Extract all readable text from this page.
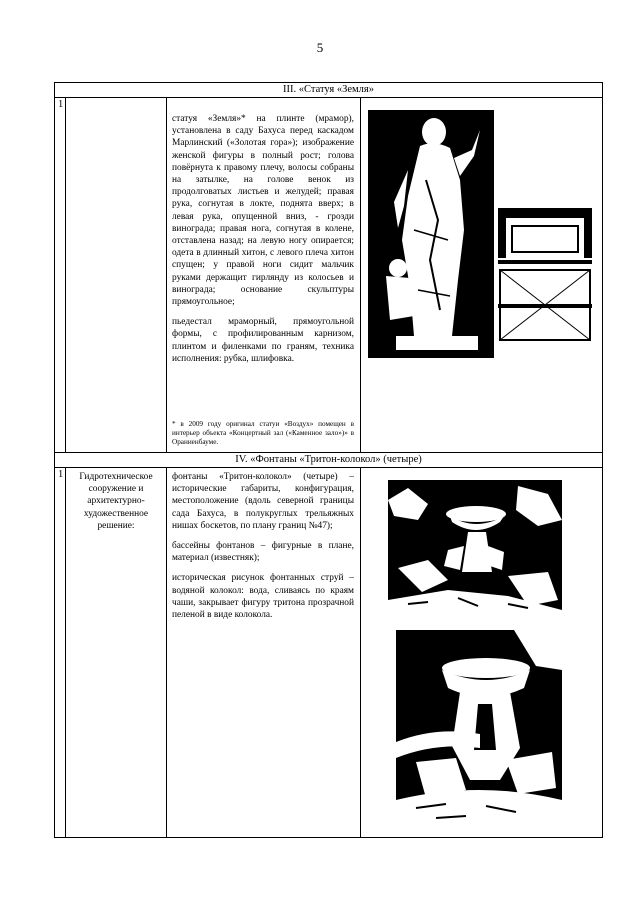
5
III. «Статуя «Земля»
1

статуя «Земля»* на плинте (мрамор), установлена в саду Бахуса перед каскадом Марлинский («Золотая гора»); изображение женской фигуры в полный рост; голова повёрнута к правому плечу, волосы собраны на затылке, на голове венок из продолговатых листьев и желудей; правая рука, согнутая в локте, поднята вверх; в левая рука, опущенной вниз, - грозди винограда; правая нога, согнутая в колене, отставлена назад; на левую ногу опирается; одета в длинный хитон, с левого плеча хитон спущен; у правой ноги сидит мальчик руками держащит гирлянду из колосьев и винограда; основание скульптуры прямоугольное;

пьедестал мраморный, прямоугольной формы, с профилированным карнизом, плинтом и филенками по граням, техника исполнения: рубка, шлифовка.

* в 2009 году оригинал статуи «Воздух» помещен в интерьер объекта «Концертный зал («Каменное зало»)» в Ораниенбауме.
IV. «Фонтаны «Тритон-колокол» (четыре)
1	Гидротехническое сооружение и архитектурно-художественное решение:

фонтаны «Тритон-колокол» (четыре) – исторические габариты, конфигурация, местоположение (вдоль северной границы сада Бахуса, в полукруглых трельяжных нишах боскетов, по плану границ №47);

бассейны фонтанов – фигурные в плане, материал (известняк);

историческая рисунок фонтанных струй – водяной колокол: вода, сливаясь по краям чаши, закрывает фигуру тритона прозрачной пеленой в виде колокола.
